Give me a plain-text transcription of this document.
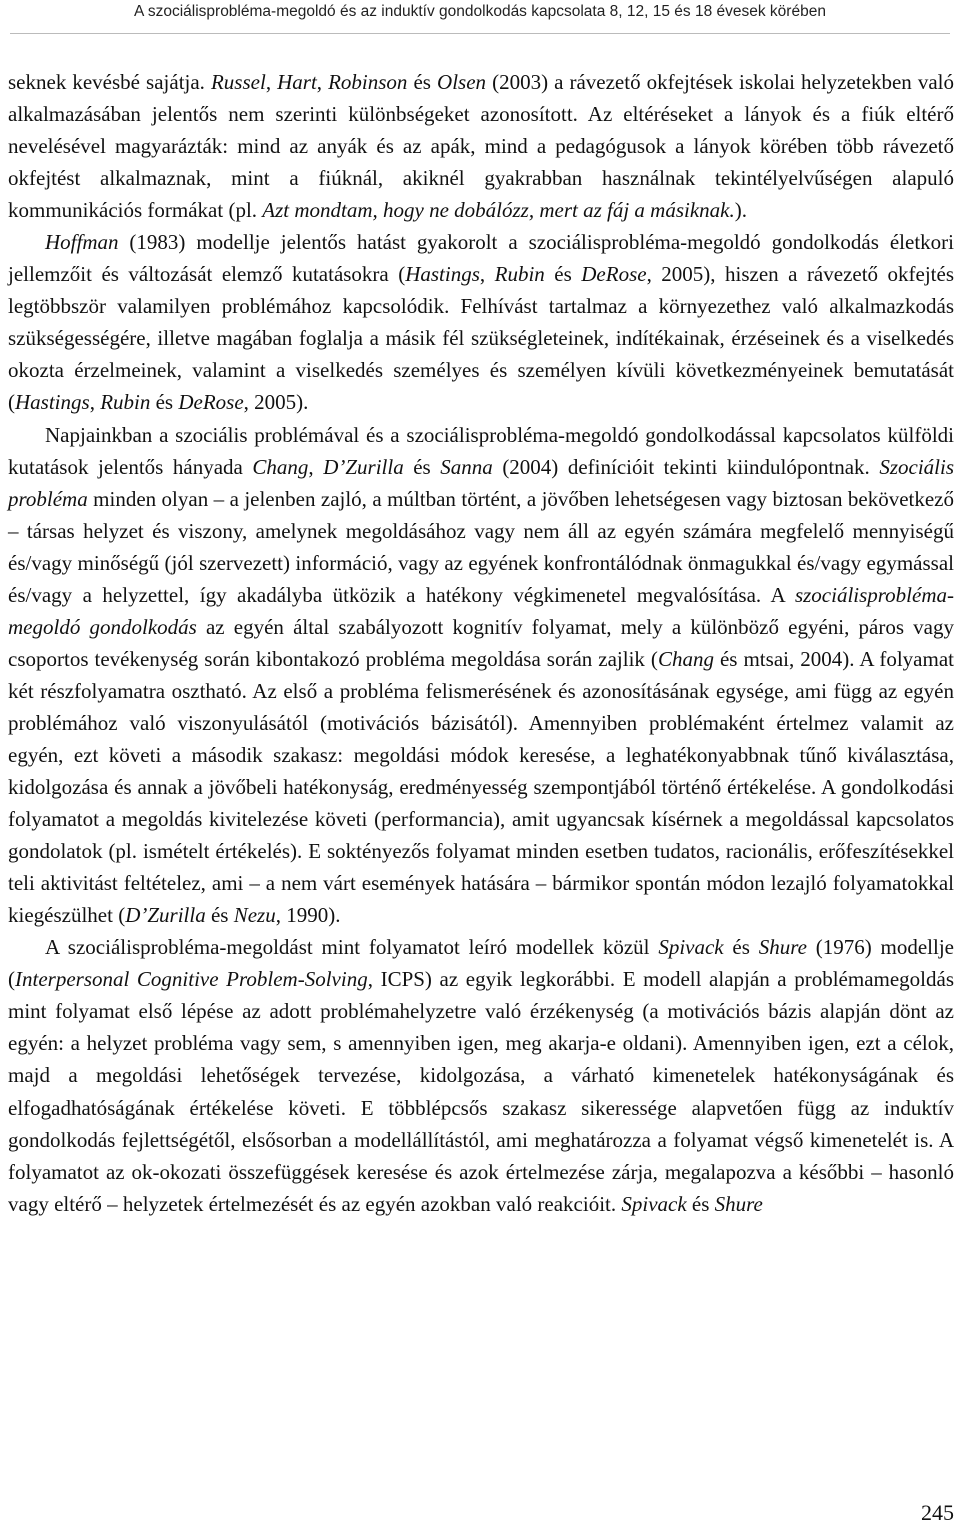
A szociálisprobléma-megoldó és az induktív gondolkodás kapcsolata 8, 12, 15 és 18 évesek körében

seknek kevésbé sajátja. Russel, Hart, Robinson és Olsen (2003) a rávezető okfejtések iskolai helyzetekben való alkalmazásában jelentős nem szerinti különbségeket azonosított. Az eltéréseket a lányok és a fiúk eltérő nevelésével magyarázták: mind az anyák és az apák, mind a pedagógusok a lányok körében több rávezető okfejtést alkalmaznak, mint a fiúknál, akiknél gyakrabban használnak tekintélyelvűségen alapuló kommunikációs formákat (pl. Azt mondtam, hogy ne dobálózz, mert az fáj a másiknak.).

Hoffman (1983) modellje jelentős hatást gyakorolt a szociálisprobléma-megoldó gondolkodás életkori jellemzőit és változását elemző kutatásokra (Hastings, Rubin és DeRose, 2005), hiszen a rávezető okfejtés legtöbbször valamilyen problémához kapcsolódik. Felhívást tartalmaz a környezethez való alkalmazkodás szükségességére, illetve magában foglalja a másik fél szükségleteinek, indítékainak, érzéseinek és a viselkedés okozta érzelmeinek, valamint a viselkedés személyes és személyen kívüli következményeinek bemutatását (Hastings, Rubin és DeRose, 2005).

Napjainkban a szociális problémával és a szociálisprobléma-megoldó gondolkodással kapcsolatos külföldi kutatások jelentős hányada Chang, D’Zurilla és Sanna (2004) definícióit tekinti kiindulópontnak. Szociális probléma minden olyan – a jelenben zajló, a múltban történt, a jövőben lehetségesen vagy biztosan bekövetkező – társas helyzet és viszony, amelynek megoldásához vagy nem áll az egyén számára megfelelő mennyiségű és/vagy minőségű (jól szervezett) információ, vagy az egyének konfrontálódnak önmagukkal és/vagy egymással és/vagy a helyzettel, így akadályba ütközik a hatékony végkimenetel megvalósítása. A szociálisprobléma-megoldó gondolkodás az egyén által szabályozott kognitív folyamat, mely a különböző egyéni, páros vagy csoportos tevékenység során kibontakozó probléma megoldása során zajlik (Chang és mtsai, 2004). A folyamat két részfolyamatra osztható. Az első a probléma felismerésének és azonosításának egysége, ami függ az egyén problémához való viszonyulásától (motivációs bázisától). Amennyiben problémaként értelmez valamit az egyén, ezt követi a második szakasz: megoldási módok keresése, a leghatékonyabbnak tűnő kiválasztása, kidolgozása és annak a jövőbeli hatékonyság, eredményesség szempontjából történő értékelése. A gondolkodási folyamatot a megoldás kivitelezése követi (performancia), amit ugyancsak kísérnek a megoldással kapcsolatos gondolatok (pl. ismételt értékelés). E soktényezős folyamat minden esetben tudatos, racionális, erőfeszítésekkel teli aktivitást feltételez, ami – a nem várt események hatására – bármikor spontán módon lezajló folyamatokkal kiegészülhet (D’Zurilla és Nezu, 1990).

A szociálisprobléma-megoldást mint folyamatot leíró modellek közül Spivack és Shure (1976) modellje (Interpersonal Cognitive Problem-Solving, ICPS) az egyik legkorábbi. E modell alapján a problémamegoldás mint folyamat első lépése az adott problémahelyzetre való érzékenység (a motivációs bázis alapján dönt az egyén: a helyzet probléma vagy sem, s amennyiben igen, meg akarja-e oldani). Amennyiben igen, ezt a célok, majd a megoldási lehetőségek tervezése, kidolgozása, a várható kimenetelek hatékonyságának és elfogadhatóságának értékelése követi. E többlépcsős szakasz sikeressége alapvetően függ az induktív gondolkodás fejlettségétől, elsősorban a modellállítástól, ami meghatározza a folyamat végső kimenetelét is. A folyamatot az ok-okozati összefüggések keresése és azok értelmezése zárja, megalapozva a későbbi – hasonló vagy eltérő – helyzetek értelmezését és az egyén azokban való reakcióit. Spivack és Shure

245
